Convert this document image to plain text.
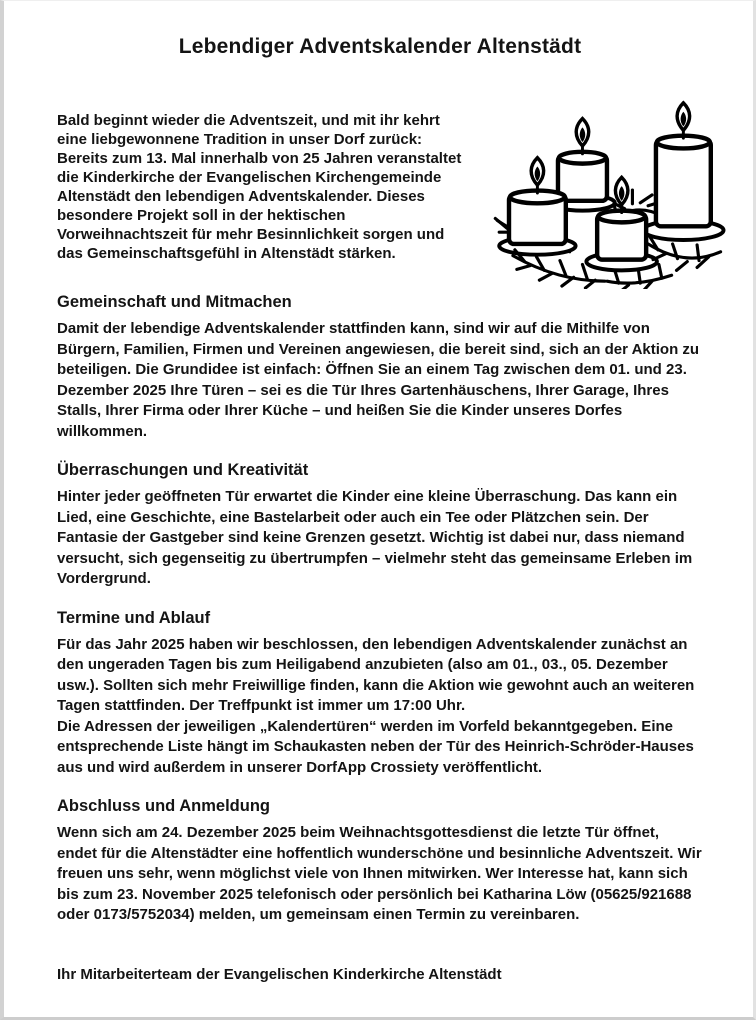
Lebendiger Adventskalender Altenstädt

Bald beginnt wieder die Adventszeit, und mit ihr kehrt eine liebgewonnene Tradition in unser Dorf zurück: Bereits zum 13. Mal innerhalb von 25 Jahren veranstaltet die Kinderkirche der Evangelischen Kirchengemeinde Altenstädt den lebendigen Adventskalender. Dieses besondere Projekt soll in der hektischen Vorweihnachtszeit für mehr Besinnlichkeit sorgen und das Gemeinschaftsgefühl in Altenstädt stärken.

Gemeinschaft und Mitmachen

Damit der lebendige Adventskalender stattfinden kann, sind wir auf die Mithilfe von Bürgern, Familien, Firmen und Vereinen angewiesen, die bereit sind, sich an der Aktion zu beteiligen. Die Grundidee ist einfach: Öffnen Sie an einem Tag zwischen dem 01. und 23. Dezember 2025 Ihre Türen – sei es die Tür Ihres Gartenhäuschens, Ihrer Garage, Ihres Stalls, Ihrer Firma oder Ihrer Küche – und heißen Sie die Kinder unseres Dorfes willkommen.

Überraschungen und Kreativität

Hinter jeder geöffneten Tür erwartet die Kinder eine kleine Überraschung. Das kann ein Lied, eine Geschichte, eine Bastelarbeit oder auch ein Tee oder Plätzchen sein. Der Fantasie der Gastgeber sind keine Grenzen gesetzt. Wichtig ist dabei nur, dass niemand versucht, sich gegenseitig zu übertrumpfen – vielmehr steht das gemeinsame Erleben im Vordergrund.

Termine und Ablauf

Für das Jahr 2025 haben wir beschlossen, den lebendigen Adventskalender zunächst an den ungeraden Tagen bis zum Heiligabend anzubieten (also am 01., 03., 05. Dezember usw.). Sollten sich mehr Freiwillige finden, kann die Aktion wie gewohnt auch an weiteren Tagen stattfinden. Der Treffpunkt ist immer um 17:00 Uhr.

Die Adressen der jeweiligen „Kalendertüren“ werden im Vorfeld bekanntgegeben. Eine entsprechende Liste hängt im Schaukasten neben der Tür des Heinrich-Schröder-Hauses aus und wird außerdem in unserer DorfApp Crossiety veröffentlicht.

Abschluss und Anmeldung

Wenn sich am 24. Dezember 2025 beim Weihnachtsgottesdienst die letzte Tür öffnet, endet für die Altenstädter eine hoffentlich wunderschöne und besinnliche Adventszeit. Wir freuen uns sehr, wenn möglichst viele von Ihnen mitwirken. Wer Interesse hat, kann sich bis zum 23. November 2025 telefonisch oder persönlich bei Katharina Löw (05625/921688 oder 0173/5752034) melden, um gemeinsam einen Termin zu vereinbaren.

Ihr Mitarbeiterteam der Evangelischen Kinderkirche Altenstädt
